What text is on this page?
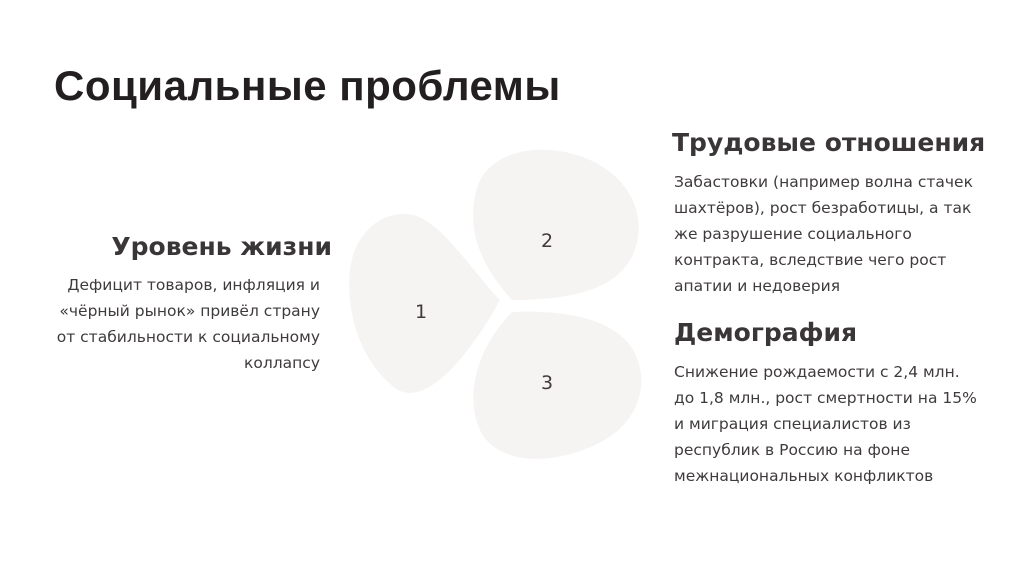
Социальные проблемы
Уровень жизни

Дефицит товаров, инфляция и «чёрный рынок» привёл страну от стабильности к социальному коллапсу

1
2
3
Трудовые отношения

Забастовки (например волна стачек шахтёров), рост безработицы, а так же разрушение социального контракта, вследствие чего рост апатии и недоверия

Демография

Снижение рождаемости с 2,4 млн. до 1,8 млн., рост смертности на 15% и миграция специалистов из республик в Россию на фоне межнациональных конфликтов
